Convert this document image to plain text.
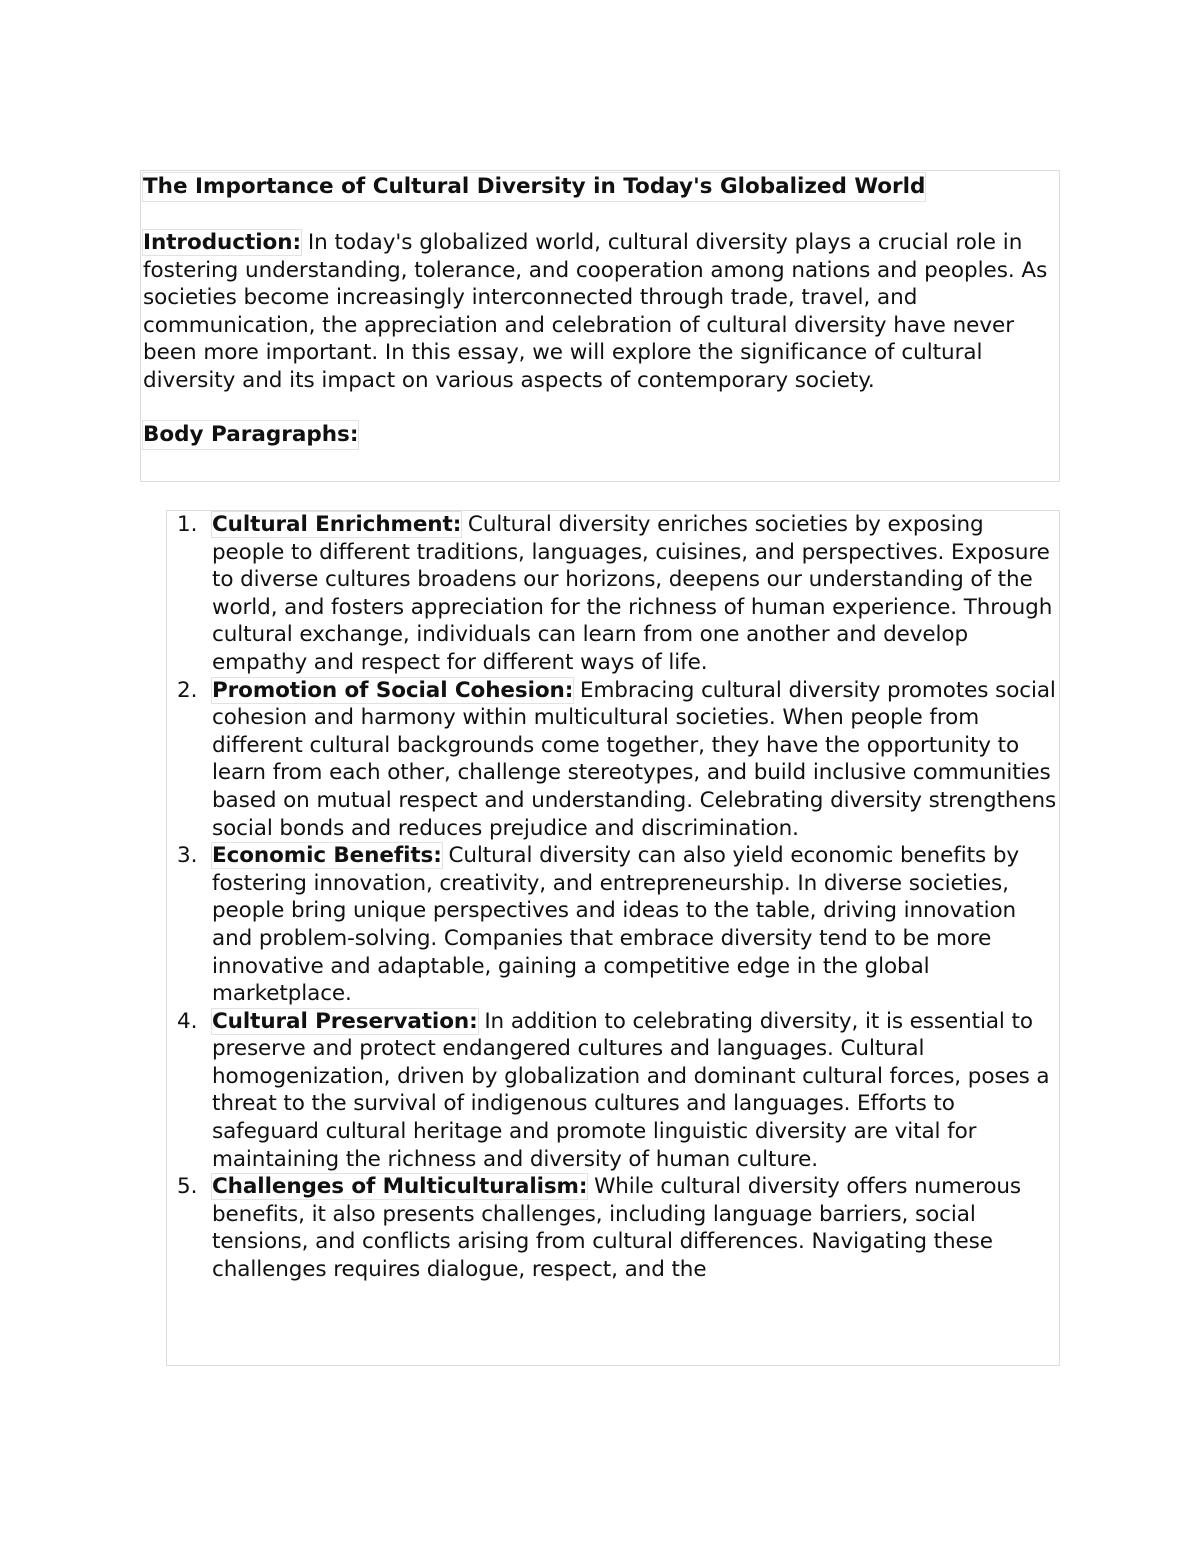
The Importance of Cultural Diversity in Today's Globalized World
Introduction: In today's globalized world, cultural diversity plays a crucial role in fostering understanding, tolerance, and cooperation among nations and peoples. As societies become increasingly interconnected through trade, travel, and communication, the appreciation and celebration of cultural diversity have never been more important. In this essay, we will explore the significance of cultural diversity and its impact on various aspects of contemporary society.
Body Paragraphs:
1. Cultural Enrichment: Cultural diversity enriches societies by exposing people to different traditions, languages, cuisines, and perspectives. Exposure to diverse cultures broadens our horizons, deepens our understanding of the world, and fosters appreciation for the richness of human experience. Through cultural exchange, individuals can learn from one another and develop empathy and respect for different ways of life.
2. Promotion of Social Cohesion: Embracing cultural diversity promotes social cohesion and harmony within multicultural societies. When people from different cultural backgrounds come together, they have the opportunity to learn from each other, challenge stereotypes, and build inclusive communities based on mutual respect and understanding. Celebrating diversity strengthens social bonds and reduces prejudice and discrimination.
3. Economic Benefits: Cultural diversity can also yield economic benefits by fostering innovation, creativity, and entrepreneurship. In diverse societies, people bring unique perspectives and ideas to the table, driving innovation and problem-solving. Companies that embrace diversity tend to be more innovative and adaptable, gaining a competitive edge in the global marketplace.
4. Cultural Preservation: In addition to celebrating diversity, it is essential to preserve and protect endangered cultures and languages. Cultural homogenization, driven by globalization and dominant cultural forces, poses a threat to the survival of indigenous cultures and languages. Efforts to safeguard cultural heritage and promote linguistic diversity are vital for maintaining the richness and diversity of human culture.
5. Challenges of Multiculturalism: While cultural diversity offers numerous benefits, it also presents challenges, including language barriers, social tensions, and conflicts arising from cultural differences. Navigating these challenges requires dialogue, respect, and the
